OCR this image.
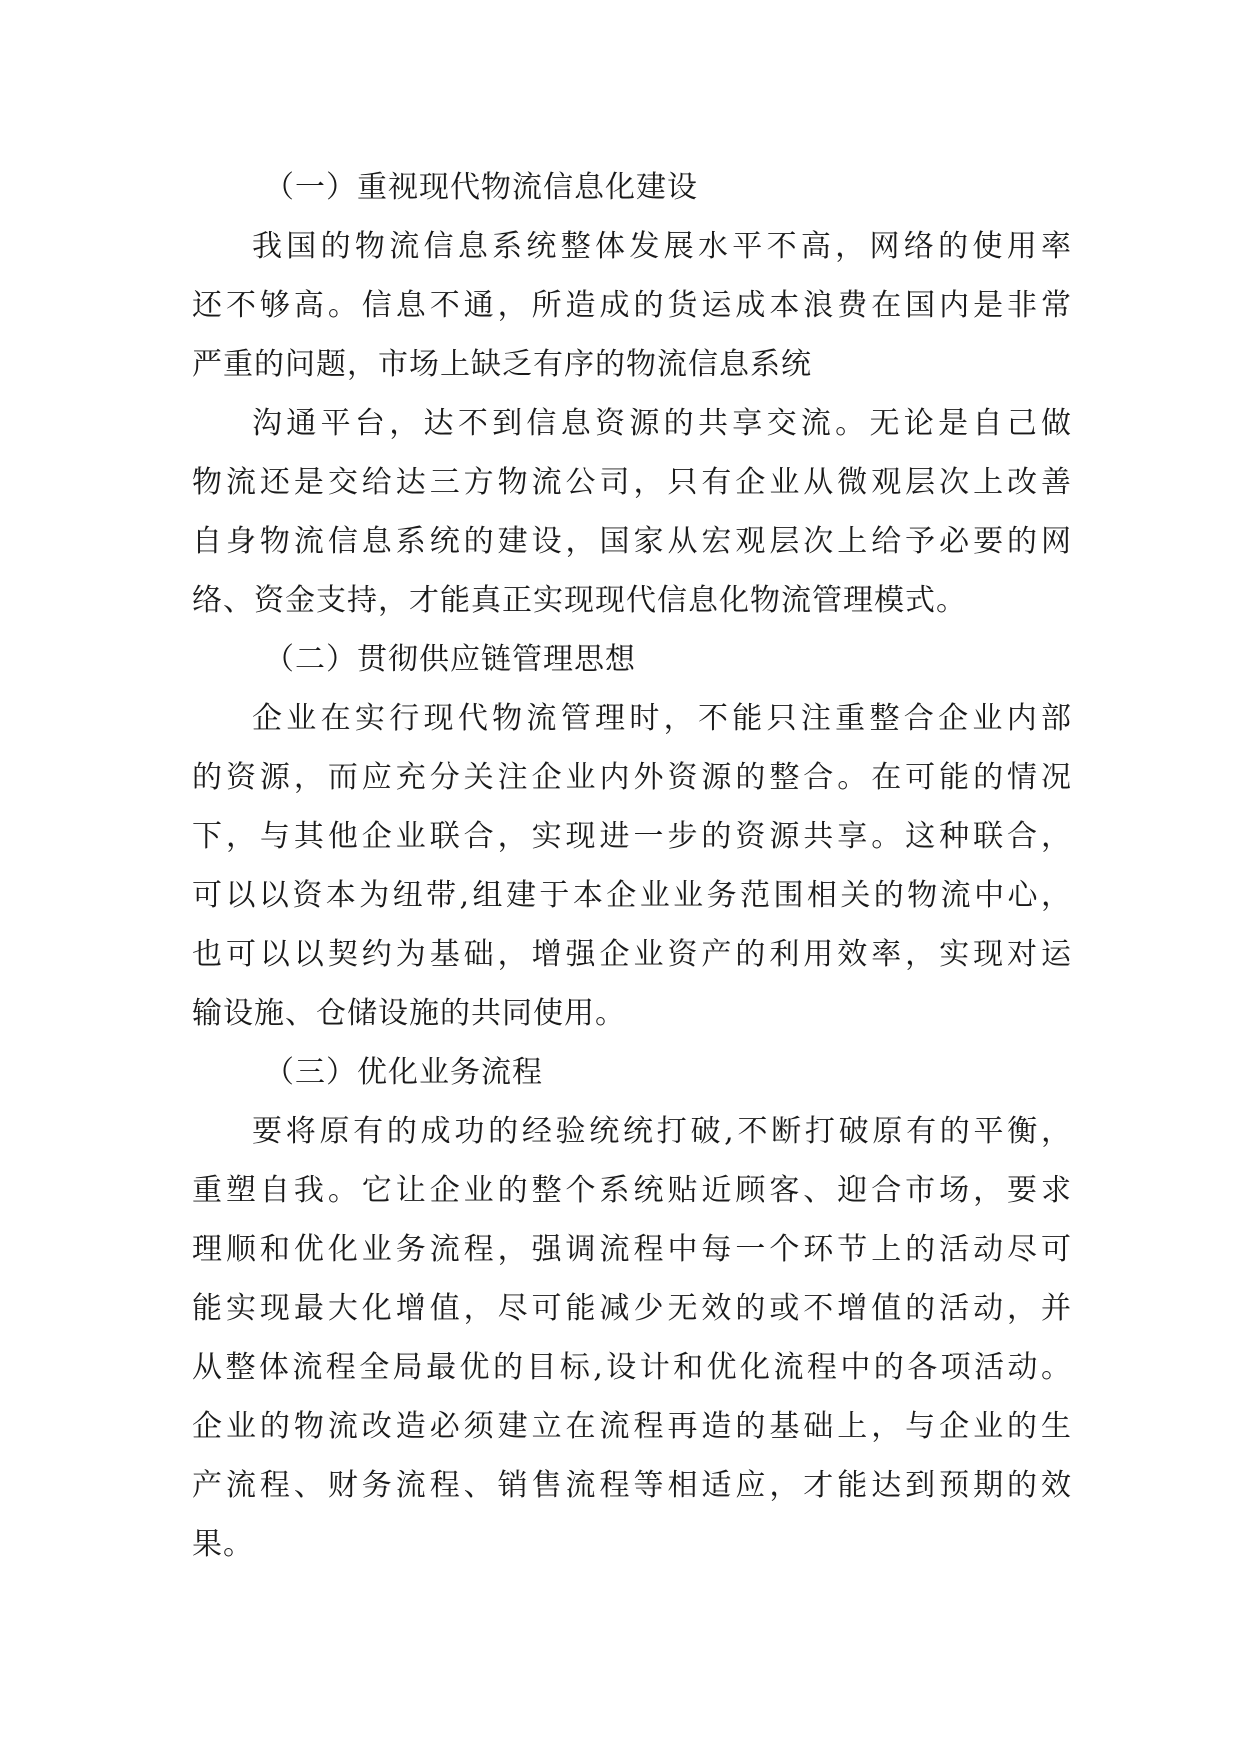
（一）重视现代物流信息化建设
我国的物流信息系统整体发展水平不高，网络的使用率
还不够高。信息不通，所造成的货运成本浪费在国内是非常
严重的问题，市场上缺乏有序的物流信息系统
沟通平台，达不到信息资源的共享交流。无论是自己做
物流还是交给达三方物流公司，只有企业从微观层次上改善
自身物流信息系统的建设，国家从宏观层次上给予必要的网
络、资金支持，才能真正实现现代信息化物流管理模式。
（二）贯彻供应链管理思想
企业在实行现代物流管理时，不能只注重整合企业内部
的资源，而应充分关注企业内外资源的整合。在可能的情况
下，与其他企业联合，实现进一步的资源共享。这种联合，
可以以资本为纽带,组建于本企业业务范围相关的物流中心，
也可以以契约为基础，增强企业资产的利用效率，实现对运
输设施、仓储设施的共同使用。
（三）优化业务流程
要将原有的成功的经验统统打破,不断打破原有的平衡，
重塑自我。它让企业的整个系统贴近顾客、迎合市场，要求
理顺和优化业务流程，强调流程中每一个环节上的活动尽可
能实现最大化增值，尽可能减少无效的或不增值的活动，并
从整体流程全局最优的目标,设计和优化流程中的各项活动。
企业的物流改造必须建立在流程再造的基础上，与企业的生
产流程、财务流程、销售流程等相适应，才能达到预期的效
果。
